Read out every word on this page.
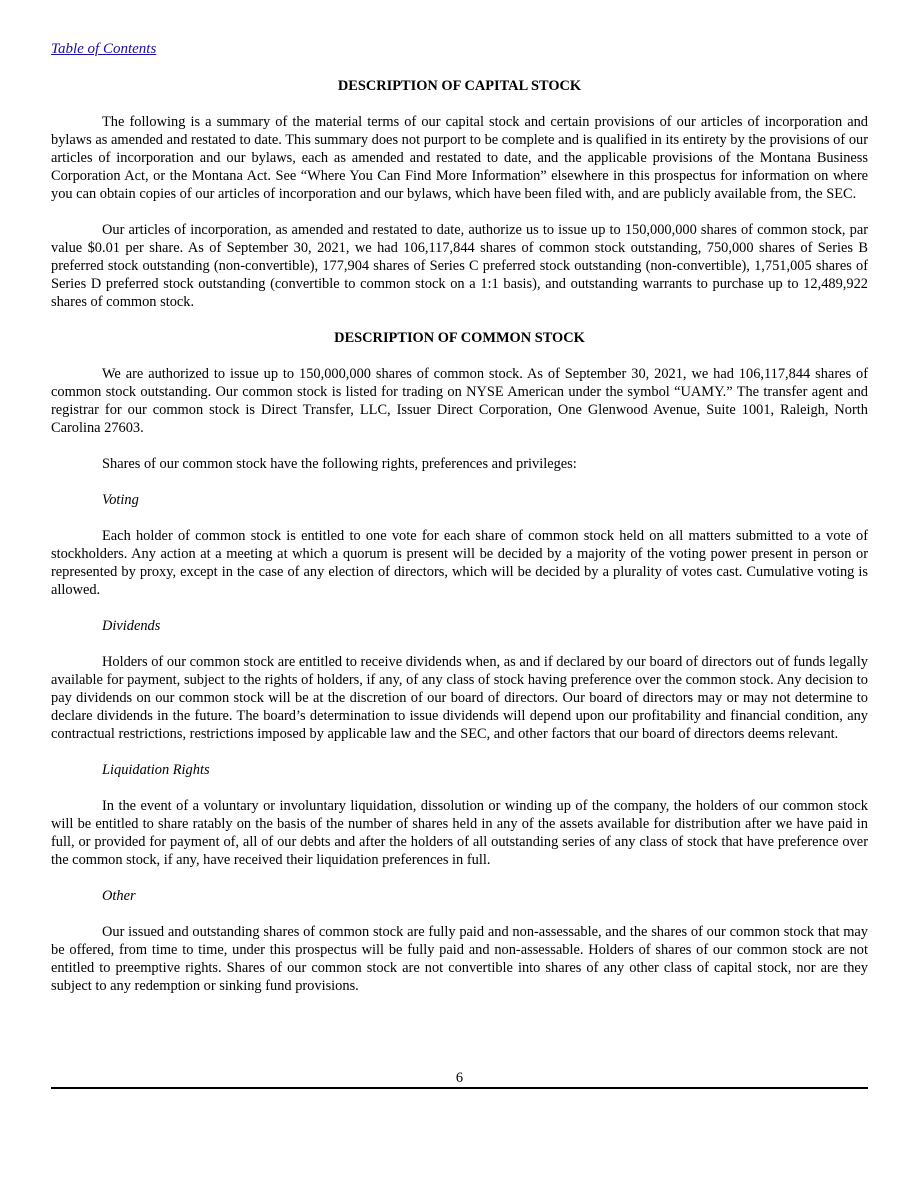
Table of Contents
DESCRIPTION OF CAPITAL STOCK

The following is a summary of the material terms of our capital stock and certain provisions of our articles of incorporation and bylaws as amended and restated to date. This summary does not purport to be complete and is qualified in its entirety by the provisions of our articles of incorporation and our bylaws, each as amended and restated to date, and the applicable provisions of the Montana Business Corporation Act, or the Montana Act. See “Where You Can Find More Information” elsewhere in this prospectus for information on where you can obtain copies of our articles of incorporation and our bylaws, which have been filed with, and are publicly available from, the SEC.

Our articles of incorporation, as amended and restated to date, authorize us to issue up to 150,000,000 shares of common stock, par value $0.01 per share. As of September 30, 2021, we had 106,117,844 shares of common stock outstanding, 750,000 shares of Series B preferred stock outstanding (non-convertible), 177,904 shares of Series C preferred stock outstanding (non-convertible), 1,751,005 shares of Series D preferred stock outstanding (convertible to common stock on a 1:1 basis), and outstanding warrants to purchase up to 12,489,922 shares of common stock.

DESCRIPTION OF COMMON STOCK

We are authorized to issue up to 150,000,000 shares of common stock. As of September 30, 2021, we had 106,117,844 shares of common stock outstanding. Our common stock is listed for trading on NYSE American under the symbol “UAMY.” The transfer agent and registrar for our common stock is Direct Transfer, LLC, Issuer Direct Corporation, One Glenwood Avenue, Suite 1001, Raleigh, North Carolina 27603.

Shares of our common stock have the following rights, preferences and privileges:

Voting

Each holder of common stock is entitled to one vote for each share of common stock held on all matters submitted to a vote of stockholders. Any action at a meeting at which a quorum is present will be decided by a majority of the voting power present in person or represented by proxy, except in the case of any election of directors, which will be decided by a plurality of votes cast. Cumulative voting is allowed.

Dividends

Holders of our common stock are entitled to receive dividends when, as and if declared by our board of directors out of funds legally available for payment, subject to the rights of holders, if any, of any class of stock having preference over the common stock. Any decision to pay dividends on our common stock will be at the discretion of our board of directors. Our board of directors may or may not determine to declare dividends in the future. The board’s determination to issue dividends will depend upon our profitability and financial condition, any contractual restrictions, restrictions imposed by applicable law and the SEC, and other factors that our board of directors deems relevant.

Liquidation Rights

In the event of a voluntary or involuntary liquidation, dissolution or winding up of the company, the holders of our common stock will be entitled to share ratably on the basis of the number of shares held in any of the assets available for distribution after we have paid in full, or provided for payment of, all of our debts and after the holders of all outstanding series of any class of stock that have preference over the common stock, if any, have received their liquidation preferences in full.

Other

Our issued and outstanding shares of common stock are fully paid and non-assessable, and the shares of our common stock that may be offered, from time to time, under this prospectus will be fully paid and non-assessable. Holders of shares of our common stock are not entitled to preemptive rights. Shares of our common stock are not convertible into shares of any other class of capital stock, nor are they subject to any redemption or sinking fund provisions.

6
